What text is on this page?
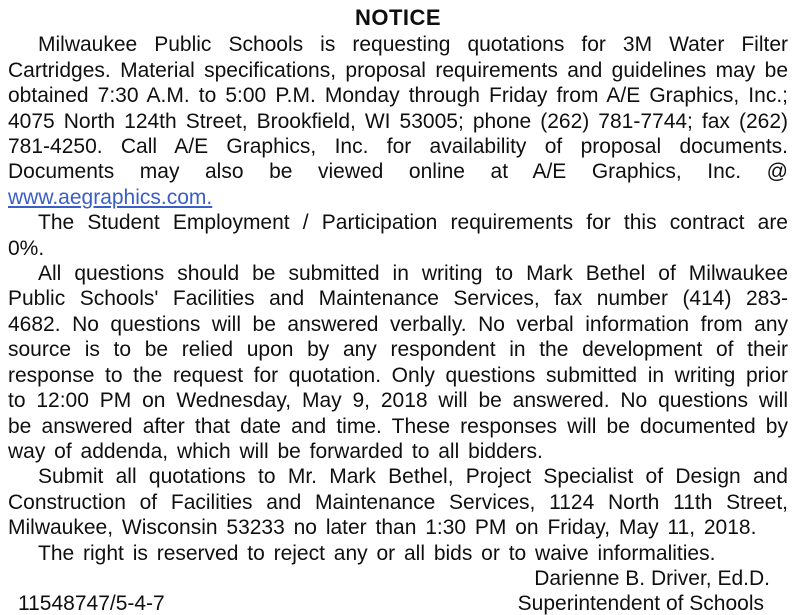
NOTICE

Milwaukee Public Schools is requesting quotations for 3M Water Filter Cartridges. Material specifications, proposal requirements and guidelines may be obtained 7:30 A.M. to 5:00 P.M. Monday through Friday from A/E Graphics, Inc.; 4075 North 124th Street, Brookfield, WI 53005; phone (262) 781-7744; fax (262) 781-4250. Call A/E Graphics, Inc. for availability of proposal documents. Documents may also be viewed online at A/E Graphics, Inc. @ www.aegraphics.com.

The Student Employment / Participation requirements for this contract are 0%.

All questions should be submitted in writing to Mark Bethel of Milwaukee Public Schools' Facilities and Maintenance Services, fax number (414) 283-4682. No questions will be answered verbally. No verbal information from any source is to be relied upon by any respondent in the development of their response to the request for quotation. Only questions submitted in writing prior to 12:00 PM on Wednesday, May 9, 2018 will be answered. No questions will be answered after that date and time. These responses will be documented by way of addenda, which will be forwarded to all bidders.

Submit all quotations to Mr. Mark Bethel, Project Specialist of Design and Construction of Facilities and Maintenance Services, 1124 North 11th Street, Milwaukee, Wisconsin 53233 no later than 1:30 PM on Friday, May 11, 2018.

The right is reserved to reject any or all bids or to waive informalities.

Darienne B. Driver, Ed.D.
11548747/5-4-7	Superintendent of Schools
